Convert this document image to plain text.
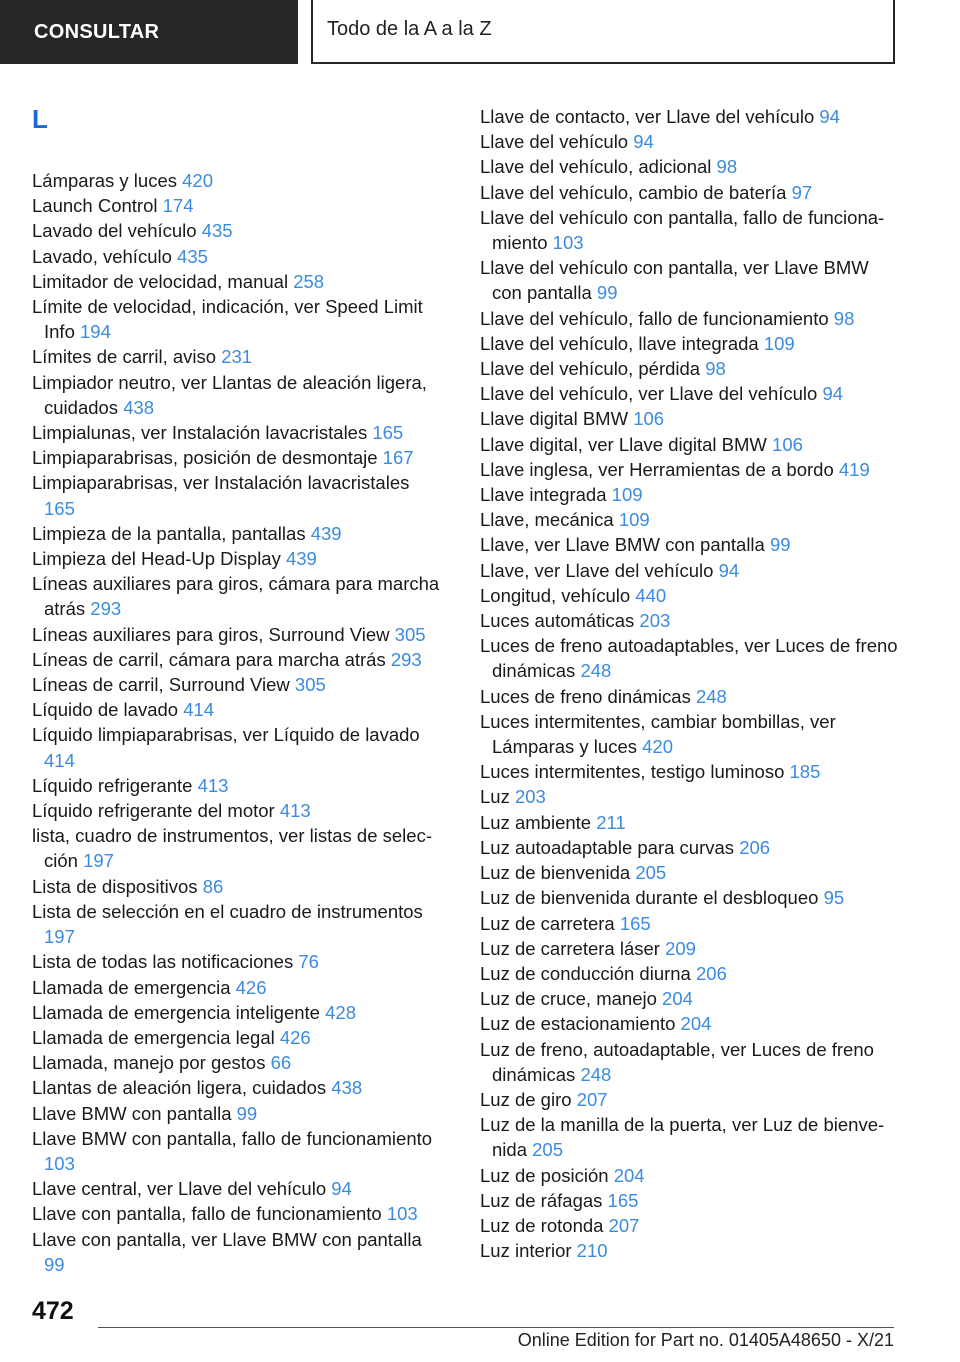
CONSULTAR	Todo de la A a la Z
L
Lámparas y luces 420
Launch Control 174
Lavado del vehículo 435
Lavado, vehículo 435
Limitador de velocidad, manual 258
Límite de velocidad, indicación, ver Speed Limit Info 194
Límites de carril, aviso 231
Limpiador neutro, ver Llantas de aleación ligera, cuidados 438
Limpialunas, ver Instalación lavacristales 165
Limpiaparabrisas, posición de desmontaje 167
Limpiaparabrisas, ver Instalación lavacristales 165
Limpieza de la pantalla, pantallas 439
Limpieza del Head-Up Display 439
Líneas auxiliares para giros, cámara para marcha atrás 293
Líneas auxiliares para giros, Surround View 305
Líneas de carril, cámara para marcha atrás 293
Líneas de carril, Surround View 305
Líquido de lavado 414
Líquido limpiaparabrisas, ver Líquido de lavado 414
Líquido refrigerante 413
Líquido refrigerante del motor 413
lista, cuadro de instrumentos, ver listas de selección 197
Lista de dispositivos 86
Lista de selección en el cuadro de instrumentos 197
Lista de todas las notificaciones 76
Llamada de emergencia 426
Llamada de emergencia inteligente 428
Llamada de emergencia legal 426
Llamada, manejo por gestos 66
Llantas de aleación ligera, cuidados 438
Llave BMW con pantalla 99
Llave BMW con pantalla, fallo de funcionamiento 103
Llave central, ver Llave del vehículo 94
Llave con pantalla, fallo de funcionamiento 103
Llave con pantalla, ver Llave BMW con pantalla 99
Llave de contacto, ver Llave del vehículo 94
Llave del vehículo 94
Llave del vehículo, adicional 98
Llave del vehículo, cambio de batería 97
Llave del vehículo con pantalla, fallo de funcionamiento 103
Llave del vehículo con pantalla, ver Llave BMW con pantalla 99
Llave del vehículo, fallo de funcionamiento 98
Llave del vehículo, llave integrada 109
Llave del vehículo, pérdida 98
Llave del vehículo, ver Llave del vehículo 94
Llave digital BMW 106
Llave digital, ver Llave digital BMW 106
Llave inglesa, ver Herramientas de a bordo 419
Llave integrada 109
Llave, mecánica 109
Llave, ver Llave BMW con pantalla 99
Llave, ver Llave del vehículo 94
Longitud, vehículo 440
Luces automáticas 203
Luces de freno autoadaptables, ver Luces de freno dinámicas 248
Luces de freno dinámicas 248
Luces intermitentes, cambiar bombillas, ver Lámparas y luces 420
Luces intermitentes, testigo luminoso 185
Luz 203
Luz ambiente 211
Luz autoadaptable para curvas 206
Luz de bienvenida 205
Luz de bienvenida durante el desbloqueo 95
Luz de carretera 165
Luz de carretera láser 209
Luz de conducción diurna 206
Luz de cruce, manejo 204
Luz de estacionamiento 204
Luz de freno, autoadaptable, ver Luces de freno dinámicas 248
Luz de giro 207
Luz de la manilla de la puerta, ver Luz de bienvenida 205
Luz de posición 204
Luz de ráfagas 165
Luz de rotonda 207
Luz interior 210
472
Online Edition for Part no. 01405A48650 - X/21
